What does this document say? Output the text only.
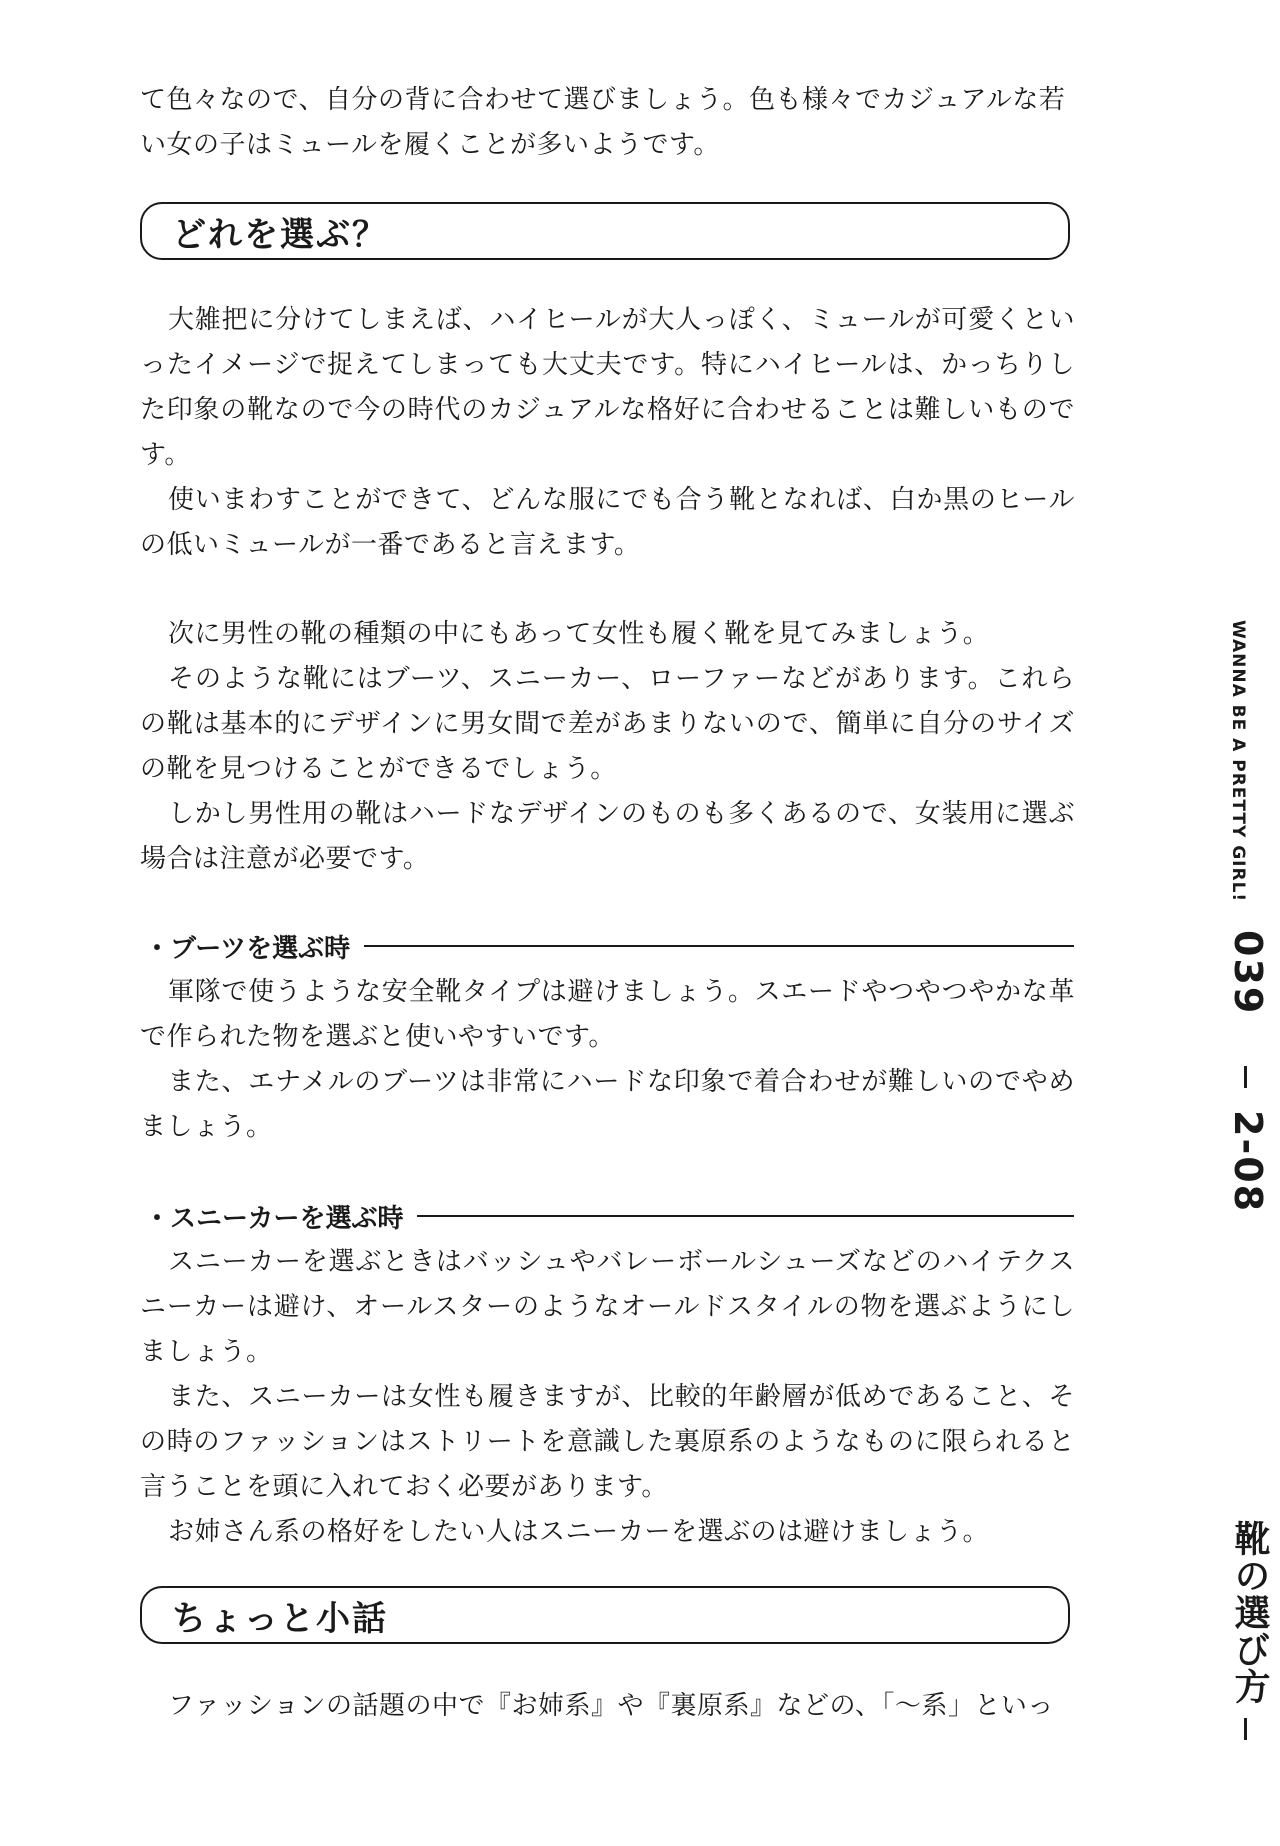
て色々なので、自分の背に合わせて選びましょう。色も様々でカジュアルな若

い女の子はミュールを履くことが多いようです。

どれを選ぶ？

大雑把に分けてしまえば、ハイヒールが大人っぽく、ミュールが可愛くといったイメージで捉えてしまっても大丈夫です。特にハイヒールは、かっちりした印象の靴なので今の時代のカジュアルな格好に合わせることは難しいものです。

使いまわすことができて、どんな服にでも合う靴となれば、白か黒のヒールの低いミュールが一番であると言えます。

次に男性の靴の種類の中にもあって女性も履く靴を見てみましょう。

そのような靴にはブーツ、スニーカー、ローファーなどがあります。これらの靴は基本的にデザインに男女間で差があまりないので、簡単に自分のサイズの靴を見つけることができるでしょう。

しかし男性用の靴はハードなデザインのものも多くあるので、女装用に選ぶ場合は注意が必要です。

・ブーツを選ぶ時

軍隊で使うような安全靴タイプは避けましょう。スエードやつやつやかな革で作られた物を選ぶと使いやすいです。

また、エナメルのブーツは非常にハードな印象で着合わせが難しいのでやめましょう。

・スニーカーを選ぶ時

スニーカーを選ぶときはバッシュやバレーボールシューズなどのハイテクスニーカーは避け、オールスターのようなオールドスタイルの物を選ぶようにしましょう。

また、スニーカーは女性も履きますが、比較的年齢層が低めであること、その時のファッションはストリートを意識した裏原系のようなものに限られると言うことを頭に入れておく必要があります。

お姉さん系の格好をしたい人はスニーカーを選ぶのは避けましょう。

ちょっと小話

ファッションの話題の中で『お姉系』や『裏原系』などの、「〜系」といっ

WANNA BE A PRETTY GIRL!
039
2-08
靴の選び方
